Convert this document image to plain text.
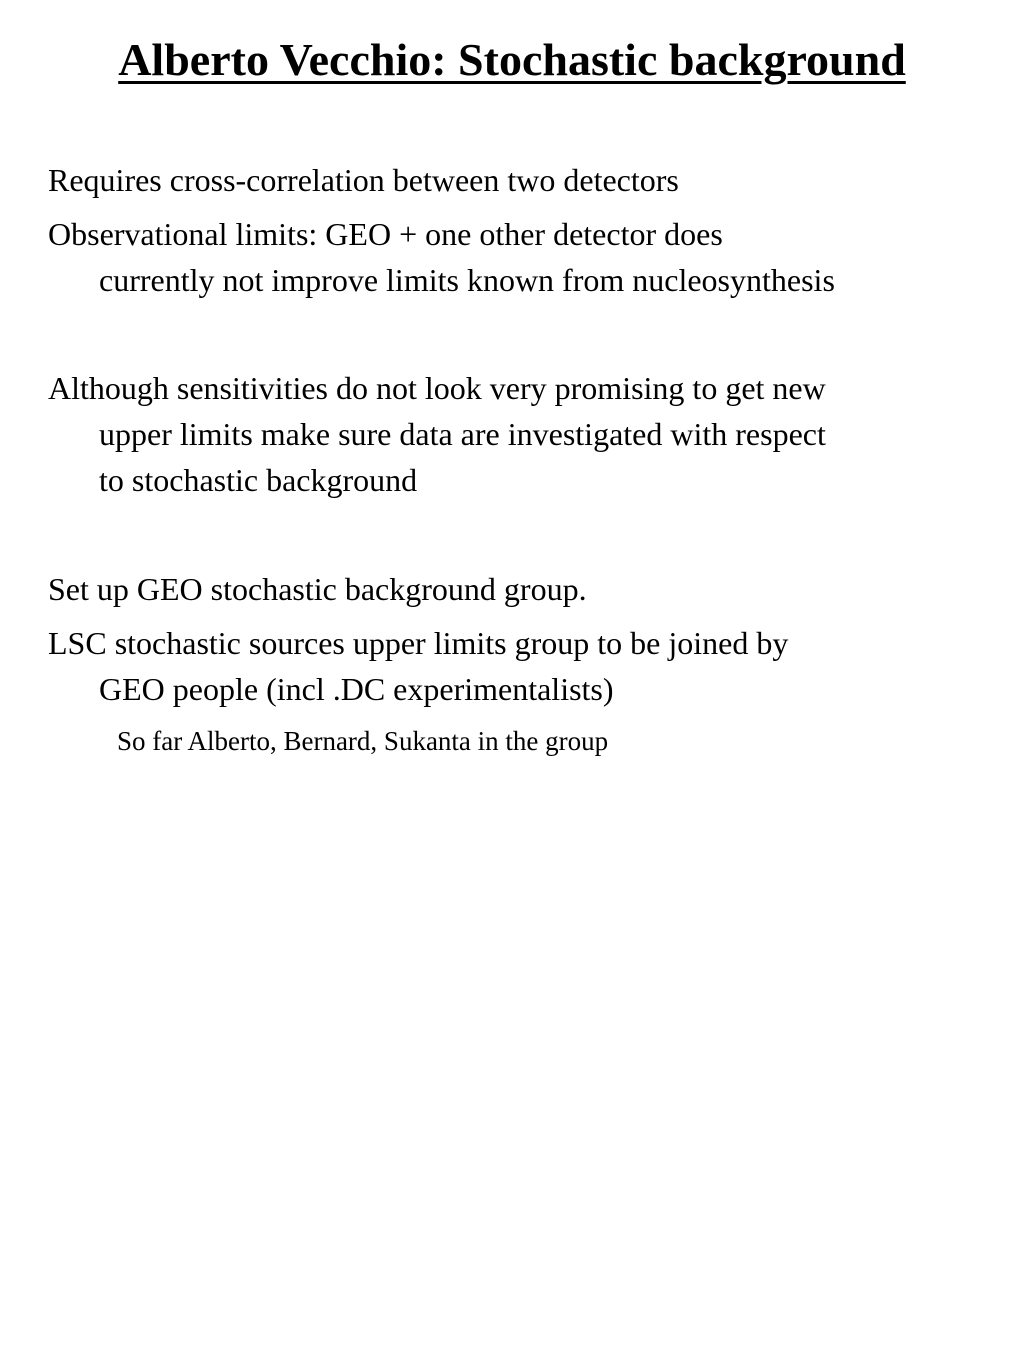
Alberto Vecchio: Stochastic background

Requires cross-correlation between two detectors

Observational limits: GEO + one other detector does
currently not improve limits known from nucleosynthesis

Although sensitivities do not look very promising to get new
upper limits make sure data are investigated with respect
to stochastic background

Set up GEO stochastic background group.

LSC stochastic sources upper limits group to be joined by
GEO people (incl .DC experimentalists)

So far Alberto, Bernard, Sukanta in the group
